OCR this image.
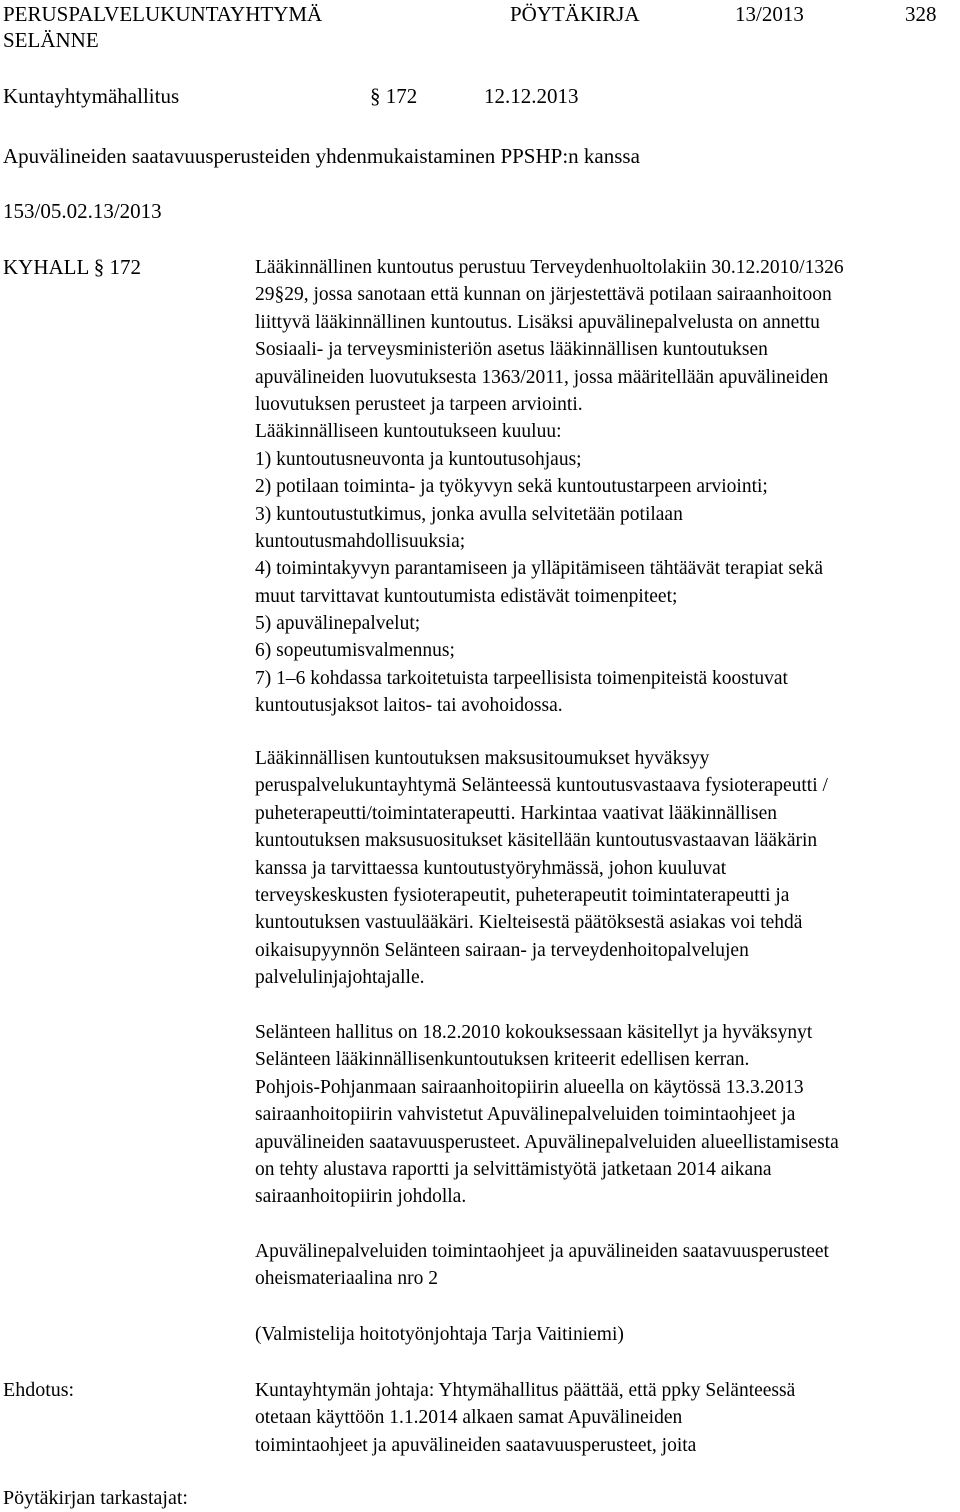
PERUSPALVELUKUNTAYHTYMÄ
SELÄNNE
PÖYTÄKIRJA	13/2013	328
Kuntayhtymähallitus	§ 172	12.12.2013
Apuvälineiden saatavuusperusteiden yhdenmukaistaminen PPSHP:n kanssa
153/05.02.13/2013
KYHALL § 172	Lääkinnällinen kuntoutus perustuu Terveydenhuoltolakiin 30.12.2010/1326
29§29, jossa sanotaan että kunnan on järjestettävä potilaan sairaanhoitoon
liittyvä lääkinnällinen kuntoutus. Lisäksi apuvälinepalvelusta on annettu
Sosiaali- ja terveysministeriön asetus lääkinnällisen kuntoutuksen
apuvälineiden luovutuksesta 1363/2011, jossa määritellään apuvälineiden
luovutuksen perusteet ja tarpeen arviointi.
Lääkinnälliseen kuntoutukseen kuuluu:
1) kuntoutusneuvonta ja kuntoutusohjaus;
2) potilaan toiminta- ja työkyvyn sekä kuntoutustarpeen arviointi;
3) kuntoutustutkimus, jonka avulla selvitetään potilaan
kuntoutusmahdollisuuksia;
4) toimintakyvyn parantamiseen ja ylläpitämiseen tähtäävät terapiat sekä
muut tarvittavat kuntoutumista edistävät toimenpiteet;
5) apuvälinepalvelut;
6) sopeutumisvalmennus;
7) 1–6 kohdassa tarkoitetuista tarpeellisista toimenpiteistä koostuvat
kuntoutusjaksot laitos- tai avohoidossa.
Lääkinnällisen kuntoutuksen maksusitoumukset hyväksyy
peruspalvelukuntayhtymä Selänteessä kuntoutusvastaava fysioterapeutti /
puheterapeutti/toimintaterapeutti. Harkintaa vaativat lääkinnällisen
kuntoutuksen maksusuositukset käsitellään kuntoutusvastaavan lääkärin
kanssa ja tarvittaessa kuntoutustyöryhmässä, johon kuuluvat
terveyskeskusten fysioterapeutit, puheterapeutit toimintaterapeutti ja
kuntoutuksen vastuulääkäri. Kielteisestä päätöksestä asiakas voi tehdä
oikaisupyynnön Selänteen sairaan- ja terveydenhoitopalvelujen
palvelulinjajohtajalle.
Selänteen hallitus on 18.2.2010 kokouksessaan käsitellyt ja hyväksynyt
Selänteen lääkinnällisenkuntoutuksen kriteerit edellisen kerran.
Pohjois-Pohjanmaan sairaanhoitopiirin alueella on käytössä 13.3.2013
sairaanhoitopiirin vahvistetut Apuvälinepalveluiden toimintaohjeet ja
apuvälineiden saatavuusperusteet. Apuvälinepalveluiden alueellistamisesta
on tehty alustava raportti ja selvittämistyötä jatketaan 2014 aikana
sairaanhoitopiirin johdolla.
Apuvälinepalveluiden toimintaohjeet ja apuvälineiden saatavuusperusteet
oheismateriaalina nro 2
(Valmistelija hoitotyönjohtaja Tarja Vaitiniemi)
Ehdotus:	Kuntayhtymän johtaja: Yhtymähallitus päättää, että ppky Selänteessä
otetaan käyttöön 1.1.2014 alkaen samat Apuvälineiden
toimintaohjeet ja apuvälineiden saatavuusperusteet, joita
Pöytäkirjan tarkastajat:
